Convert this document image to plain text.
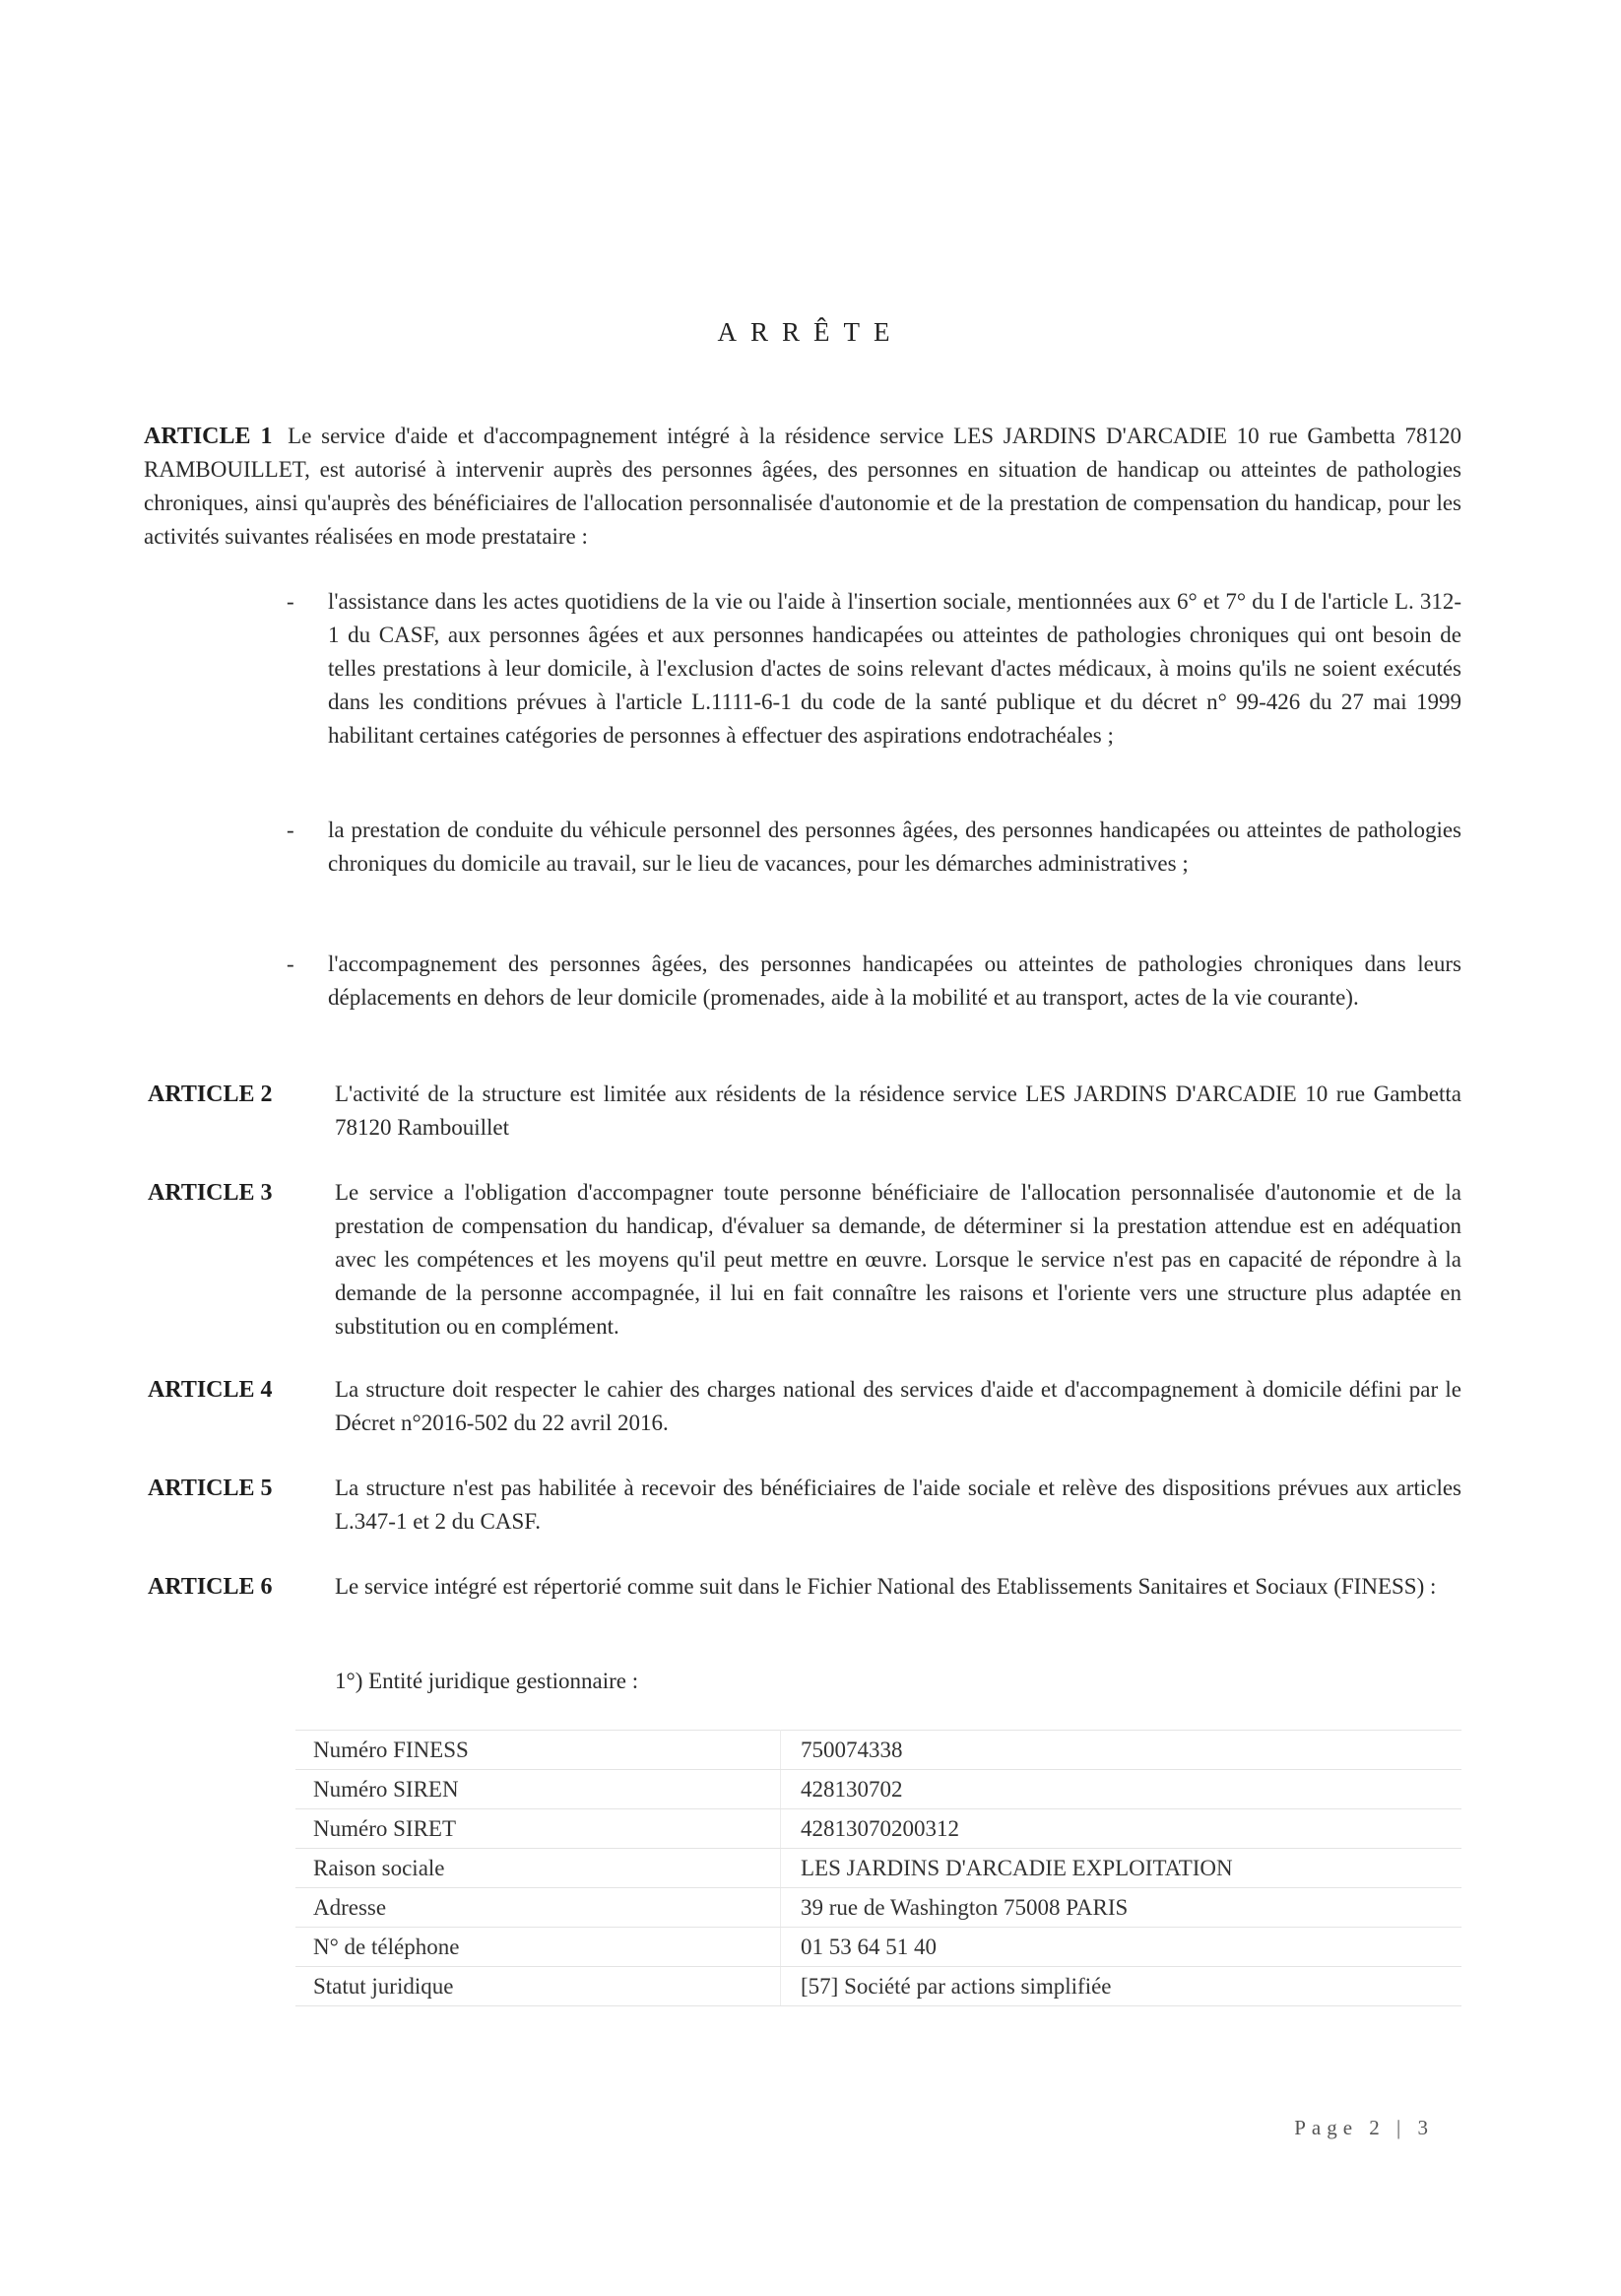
ARRÊTE
ARTICLE 1 Le service d'aide et d'accompagnement intégré à la résidence service LES JARDINS D'ARCADIE 10 rue Gambetta 78120 RAMBOUILLET, est autorisé à intervenir auprès des personnes âgées, des personnes en situation de handicap ou atteintes de pathologies chroniques, ainsi qu'auprès des bénéficiaires de l'allocation personnalisée d'autonomie et de la prestation de compensation du handicap, pour les activités suivantes réalisées en mode prestataire :
- l'assistance dans les actes quotidiens de la vie ou l'aide à l'insertion sociale, mentionnées aux 6° et 7° du I de l'article L. 312-1 du CASF, aux personnes âgées et aux personnes handicapées ou atteintes de pathologies chroniques qui ont besoin de telles prestations à leur domicile, à l'exclusion d'actes de soins relevant d'actes médicaux, à moins qu'ils ne soient exécutés dans les conditions prévues à l'article L.1111-6-1 du code de la santé publique et du décret n° 99-426 du 27 mai 1999 habilitant certaines catégories de personnes à effectuer des aspirations endotrachéales ;
- la prestation de conduite du véhicule personnel des personnes âgées, des personnes handicapées ou atteintes de pathologies chroniques du domicile au travail, sur le lieu de vacances, pour les démarches administratives ;
- l'accompagnement des personnes âgées, des personnes handicapées ou atteintes de pathologies chroniques dans leurs déplacements en dehors de leur domicile (promenades, aide à la mobilité et au transport, actes de la vie courante).
ARTICLE 2	L'activité de la structure est limitée aux résidents de la résidence service LES JARDINS D'ARCADIE 10 rue Gambetta 78120 Rambouillet
ARTICLE 3	Le service a l'obligation d'accompagner toute personne bénéficiaire de l'allocation personnalisée d'autonomie et de la prestation de compensation du handicap, d'évaluer sa demande, de déterminer si la prestation attendue est en adéquation avec les compétences et les moyens qu'il peut mettre en œuvre. Lorsque le service n'est pas en capacité de répondre à la demande de la personne accompagnée, il lui en fait connaître les raisons et l'oriente vers une structure plus adaptée en substitution ou en complément.
ARTICLE 4	La structure doit respecter le cahier des charges national des services d'aide et d'accompagnement à domicile défini par le Décret n°2016-502 du 22 avril 2016.
ARTICLE 5	La structure n'est pas habilitée à recevoir des bénéficiaires de l'aide sociale et relève des dispositions prévues aux articles L.347-1 et 2 du CASF.
ARTICLE 6	Le service intégré est répertorié comme suit dans le Fichier National des Etablissements Sanitaires et Sociaux (FINESS) :
1°) Entité juridique gestionnaire :
Numéro FINESS	750074338
Numéro SIREN	428130702
Numéro SIRET	42813070200312
Raison sociale	LES JARDINS D'ARCADIE EXPLOITATION
Adresse	39 rue de Washington 75008 PARIS
N° de téléphone	01 53 64 51 40
Statut juridique	[57] Société par actions simplifiée
Page 2 | 3
